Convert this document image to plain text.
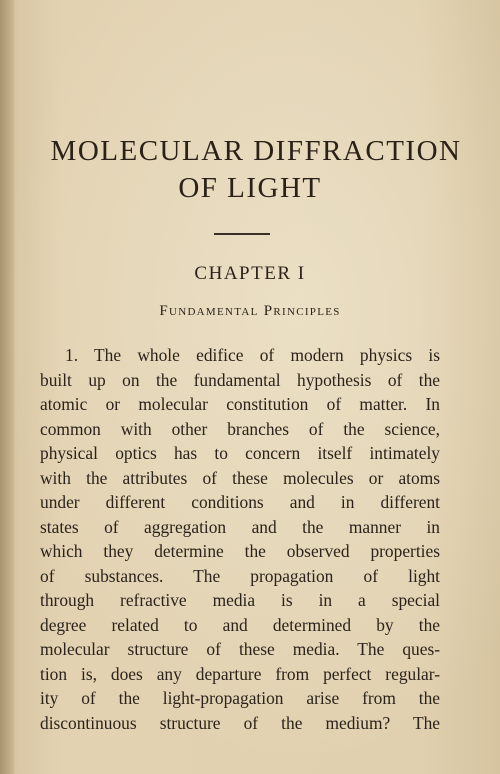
MOLECULAR DIFFRACTION
OF LIGHT
CHAPTER I
Fundamental Principles
1. The whole edifice of modern physics is
built up on the fundamental hypothesis of the
atomic or molecular constitution of matter. In
common with other branches of the science,
physical optics has to concern itself intimately
with the attributes of these molecules or atoms
under different conditions and in different
states of aggregation and the manner in
which they determine the observed properties
of substances. The propagation of light
through refractive media is in a special
degree related to and determined by the
molecular structure of these media. The ques-
tion is, does any departure from perfect regular-
ity of the light-propagation arise from the
discontinuous structure of the medium? The
